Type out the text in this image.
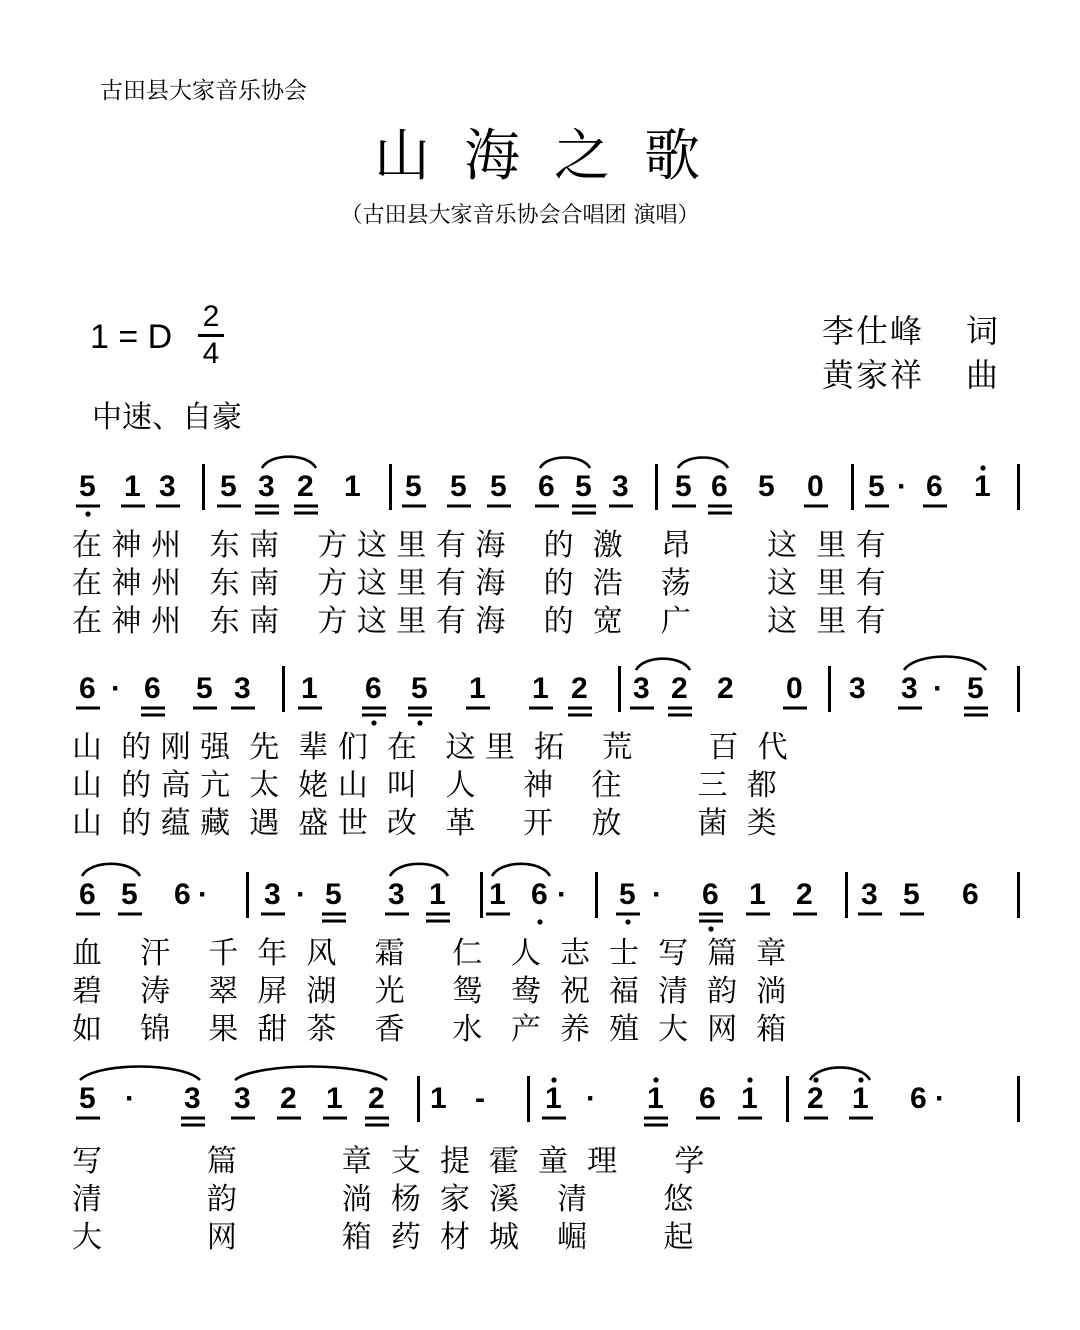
古田县大家音乐协会
山海之歌
（古田县大家音乐协会合唱团 演唱）
1 = D
2
4
中速、自豪
李仕峰 词
黄家祥 曲
5 1 3 5 3 2 1 5 5 5 6 5 3 5 6 5 0 5 · 6 1
在 神 州   东 南    方 这 里 有 海    的  激    昂        这  里 有
在 神 州   东 南    方 这 里 有 海    的  浩    荡        这  里 有
在 神 州   东 南    方 这 里 有 海    的  宽    广        这  里 有
6 · 6 5 3 1 6 5 1 1 2 3 2 2 0 3 3 · 5
山  的 刚 强  先  辈 们  在   这 里  拓    荒        百  代
山  的 高 亢  太  姥 山  叫   人     神    往        三  都
山  的 蕴 藏  遇  盛 世  改   革     开    放        菌  类
6 5 6 · 3 · 5 3 1 1 6 · 5 · 6 1 2 3 5 6
血    汗    千  年  风    霜     仁   人  志  士  写  篇  章
碧    涛    翠  屏  湖    光     鸳   鸯  祝  福  清  韵  淌
如    锦    果  甜  茶    香     水   产  养  殖  大  网  箱
5 · 3 3 2 1 2 1 - 1 · 1 6 1 2 1 6 ·
写           篇           章  支  提  霍  童  理      学
清           韵           淌  杨  家  溪    清        悠
大           网           箱  药  材  城    崛        起
